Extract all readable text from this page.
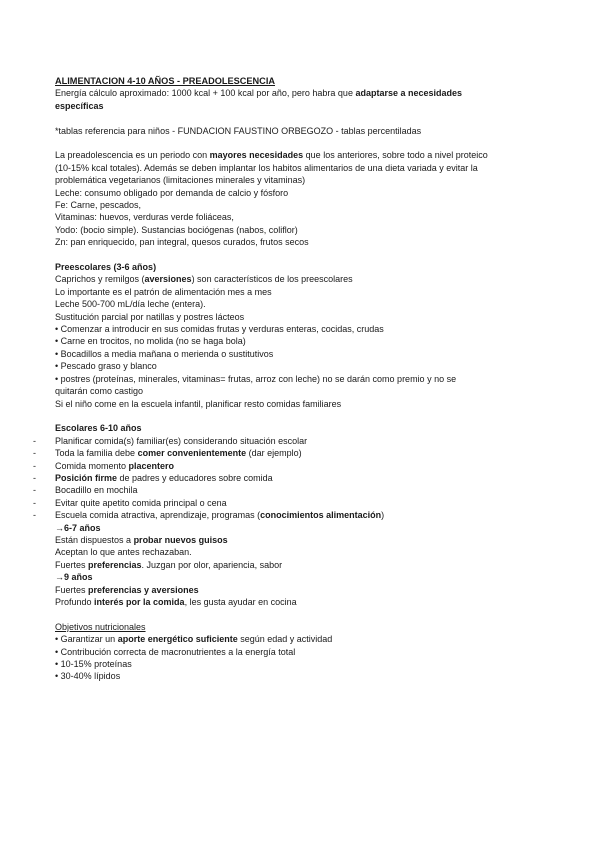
ALIMENTACION 4-10 AÑOS - PREADOLESCENCIA
Energía cálculo aproximado: 1000 kcal + 100 kcal por año, pero habra que adaptarse a necesidades
específicas
*tablas referencia para niños - FUNDACION FAUSTINO ORBEGOZO - tablas percentiladas
La preadolescencia es un periodo con mayores necesidades que los anteriores, sobre todo a nivel proteico
(10-15% kcal totales). Además se deben implantar los habitos alimentarios de una dieta variada y evitar la
problemática vegetarianos (limitaciones minerales y vitaminas)
Leche: consumo obligado por demanda de calcio y fósforo
Fe: Carne, pescados,
Vitaminas: huevos, verduras verde foliáceas,
Yodo: (bocio simple). Sustancias bociógenas (nabos, coliflor)
Zn: pan enriquecido, pan integral, quesos curados, frutos secos
Preescolares (3-6 años)
Caprichos y remilgos (aversiones) son característicos de los preescolares
Lo importante es el patrón de alimentación mes a mes
Leche 500-700 mL/día leche (entera).
Sustitución parcial por natillas y postres lácteos
• Comenzar a introducir en sus comidas frutas y verduras enteras, cocidas, crudas
• Carne en trocitos, no molida (no se haga bola)
• Bocadillos a media mañana o merienda o sustitutivos
• Pescado graso y blanco
• postres (proteínas, minerales, vitaminas= frutas, arroz con leche) no se darán como premio y no se
quitarán como castigo
Si el niño come en la escuela infantil, planificar resto comidas familiares
Escolares 6-10 años
- Planificar comida(s) familiar(es) considerando situación escolar
- Toda la familia debe comer convenientemente (dar ejemplo)
- Comida momento placentero
- Posición firme de padres y educadores sobre comida
- Bocadillo en mochila
- Evitar quite apetito comida principal o cena
- Escuela comida atractiva, aprendizaje, programas (conocimientos alimentación)
→6-7 años
Están dispuestos a probar nuevos guisos
Aceptan lo que antes rechazaban.
Fuertes preferencias. Juzgan por olor, apariencia, sabor
→9 años
Fuertes preferencias y aversiones
Profundo interés por la comida, les gusta ayudar en cocina
Objetivos nutricionales
• Garantizar un aporte energético suficiente según edad y actividad
• Contribución correcta de macronutrientes a la energía total
• 10-15% proteínas
• 30-40% lípidos
